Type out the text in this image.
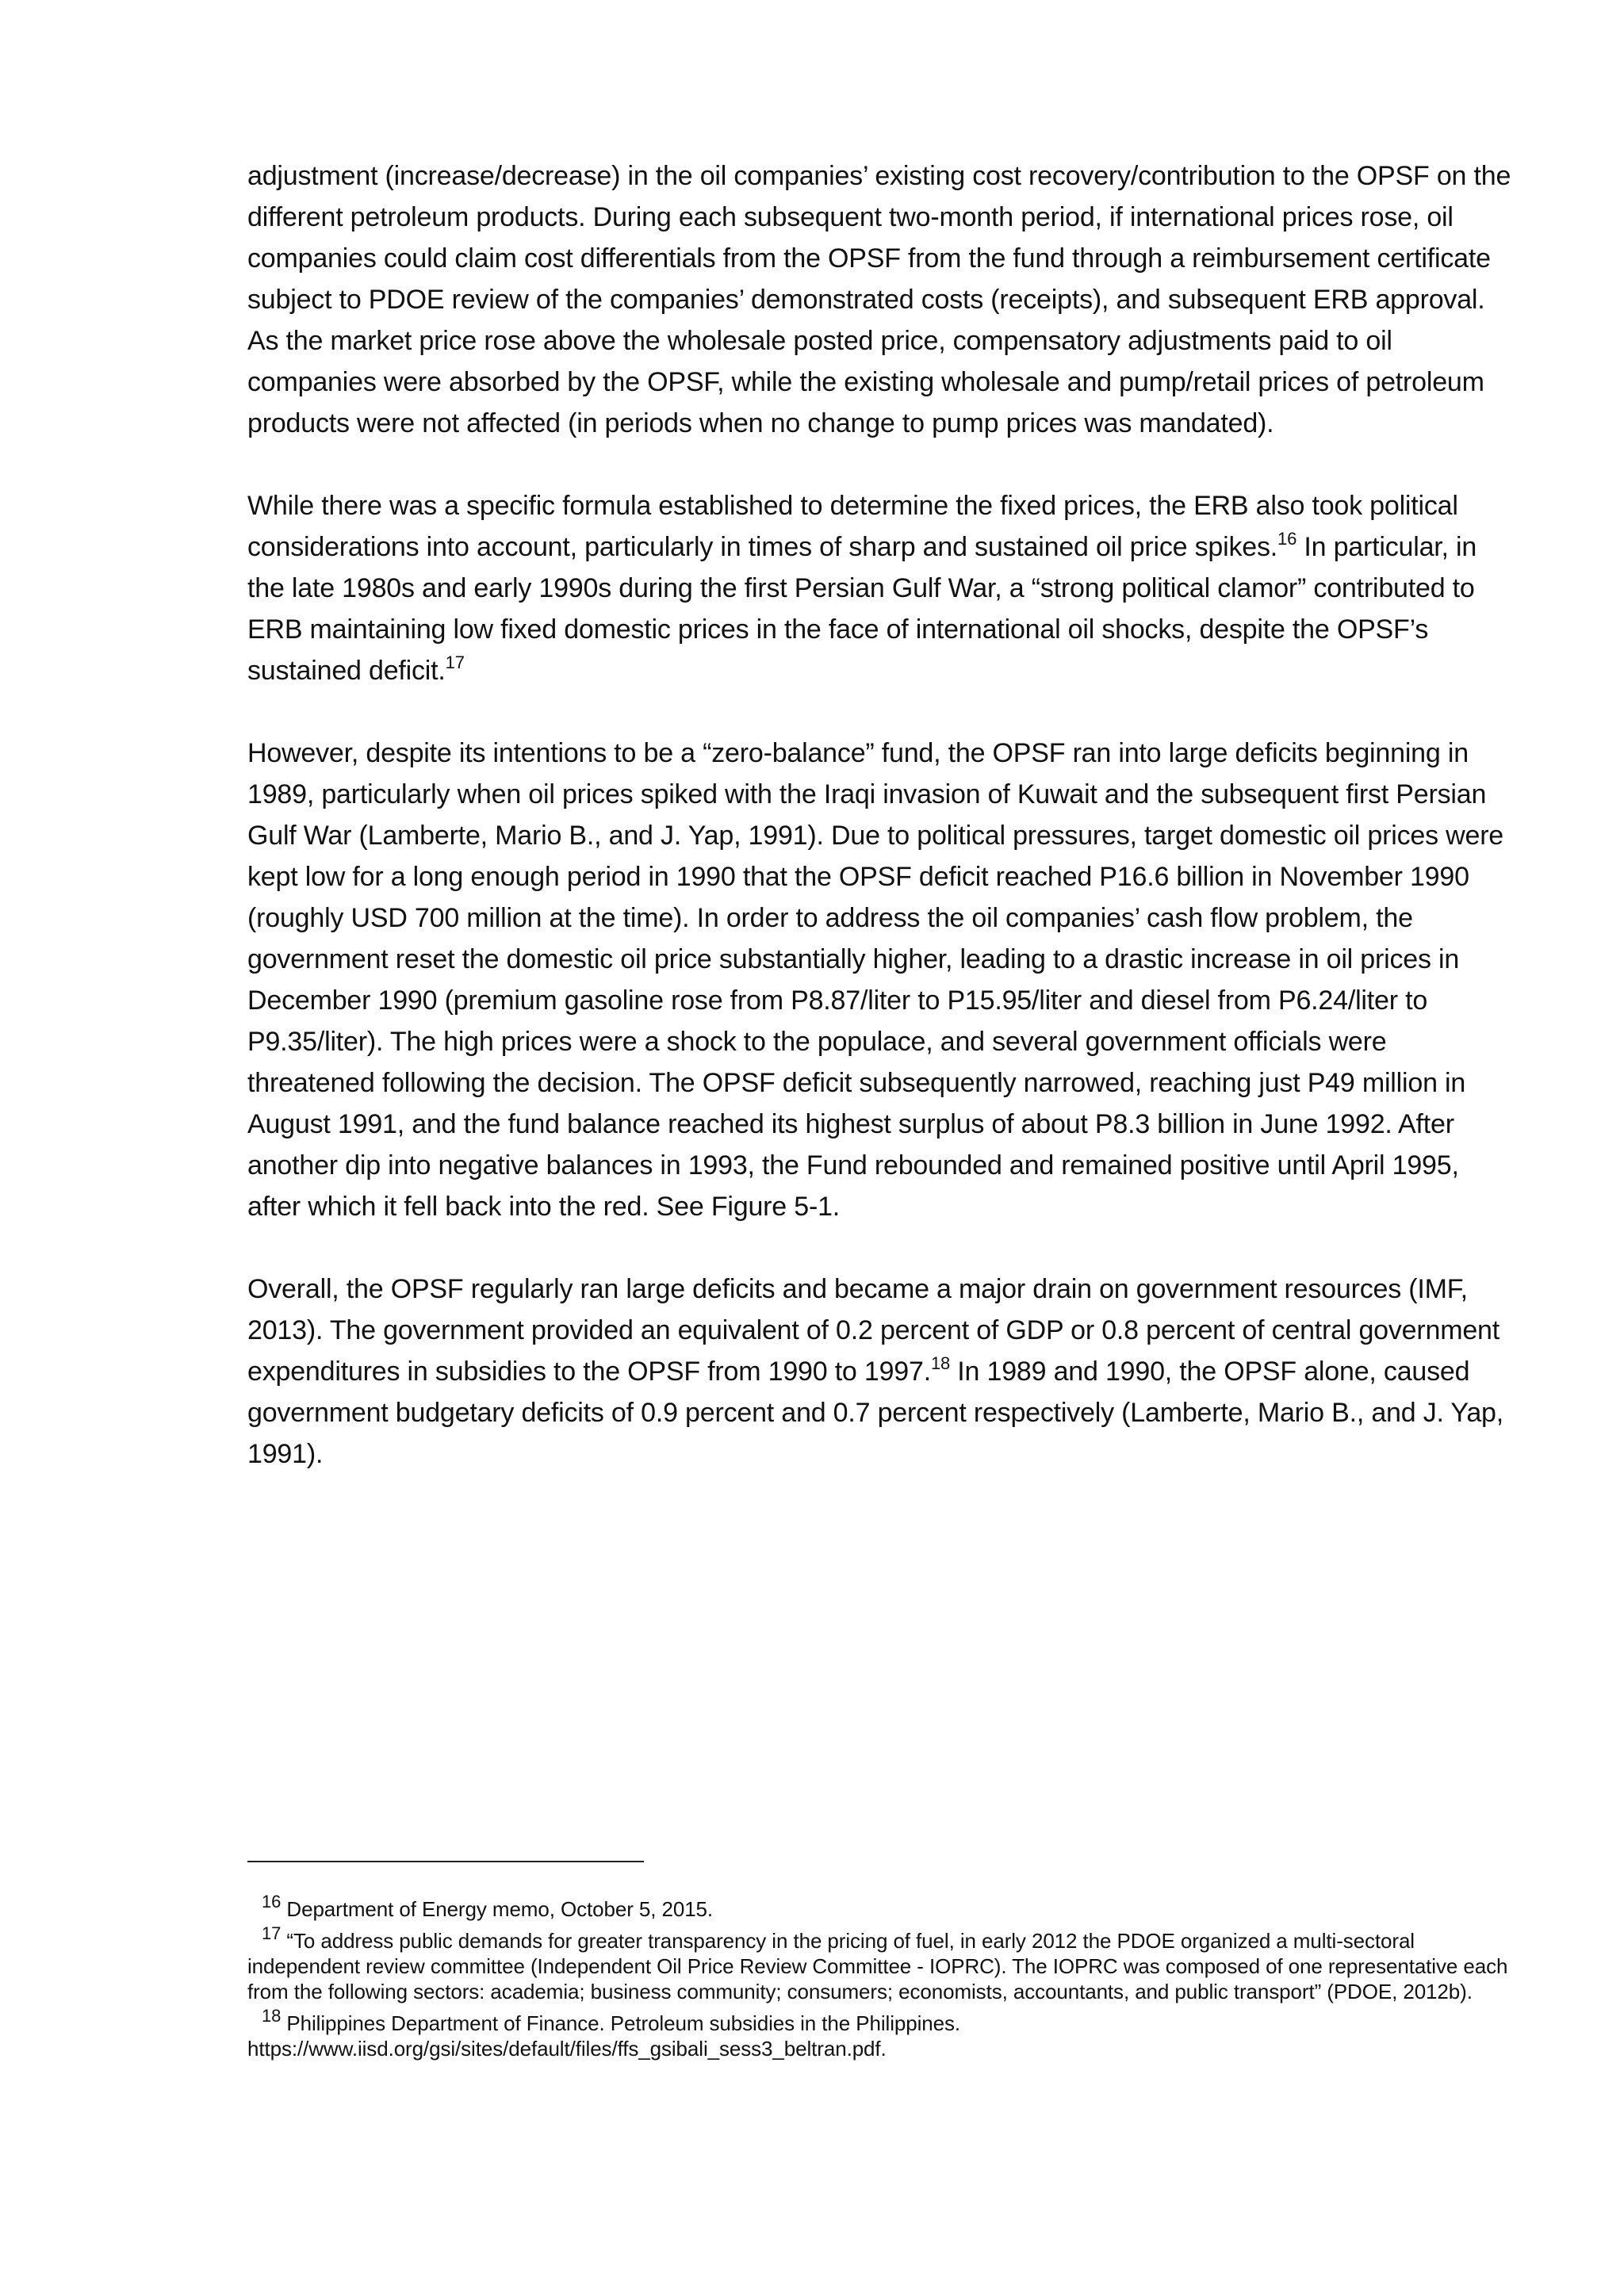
adjustment (increase/decrease) in the oil companies’ existing cost recovery/contribution to the OPSF on the different petroleum products. During each subsequent two-month period, if international prices rose, oil companies could claim cost differentials from the OPSF from the fund through a reimbursement certificate subject to PDOE review of the companies’ demonstrated costs (receipts), and subsequent ERB approval. As the market price rose above the wholesale posted price, compensatory adjustments paid to oil companies were absorbed by the OPSF, while the existing wholesale and pump/retail prices of petroleum products were not affected (in periods when no change to pump prices was mandated).

While there was a specific formula established to determine the fixed prices, the ERB also took political considerations into account, particularly in times of sharp and sustained oil price spikes.$^{16}$ In particular, in the late 1980s and early 1990s during the first Persian Gulf War, a “strong political clamor” contributed to ERB maintaining low fixed domestic prices in the face of international oil shocks, despite the OPSF’s sustained deficit.$^{17}$

However, despite its intentions to be a “zero-balance” fund, the OPSF ran into large deficits beginning in 1989, particularly when oil prices spiked with the Iraqi invasion of Kuwait and the subsequent first Persian Gulf War (Lamberte, Mario B., and J. Yap, 1991). Due to political pressures, target domestic oil prices were kept low for a long enough period in 1990 that the OPSF deficit reached P16.6 billion in November 1990 (roughly USD 700 million at the time). In order to address the oil companies’ cash flow problem, the government reset the domestic oil price substantially higher, leading to a drastic increase in oil prices in December 1990 (premium gasoline rose from P8.87/liter to P15.95/liter and diesel from P6.24/liter to P9.35/liter). The high prices were a shock to the populace, and several government officials were threatened following the decision. The OPSF deficit subsequently narrowed, reaching just P49 million in August 1991, and the fund balance reached its highest surplus of about P8.3 billion in June 1992. After another dip into negative balances in 1993, the Fund rebounded and remained positive until April 1995, after which it fell back into the red. See Figure 5-1.

Overall, the OPSF regularly ran large deficits and became a major drain on government resources (IMF, 2013). The government provided an equivalent of 0.2 percent of GDP or 0.8 percent of central government expenditures in subsidies to the OPSF from 1990 to 1997.18 In 1989 and 1990, the OPSF alone, caused government budgetary deficits of 0.9 percent and 0.7 percent respectively (Lamberte, Mario B., and J. Yap, 1991).

$^{16}$ Department of Energy memo, October 5, 2015.

$^{17}$ “To address public demands for greater transparency in the pricing of fuel, in early 2012 the PDOE organized a multi-sectoral independent review committee (Independent Oil Price Review Committee - IOPRC). The IOPRC was composed of one representative each from the following sectors: academia; business community; consumers; economists, accountants, and public transport” (PDOE, 2012b).

$^{18}$ Philippines Department of Finance. Petroleum subsidies in the Philippines. https://www.iisd.org/gsi/sites/default/files/ffs_gsibali_sess3_beltran.pdf.
